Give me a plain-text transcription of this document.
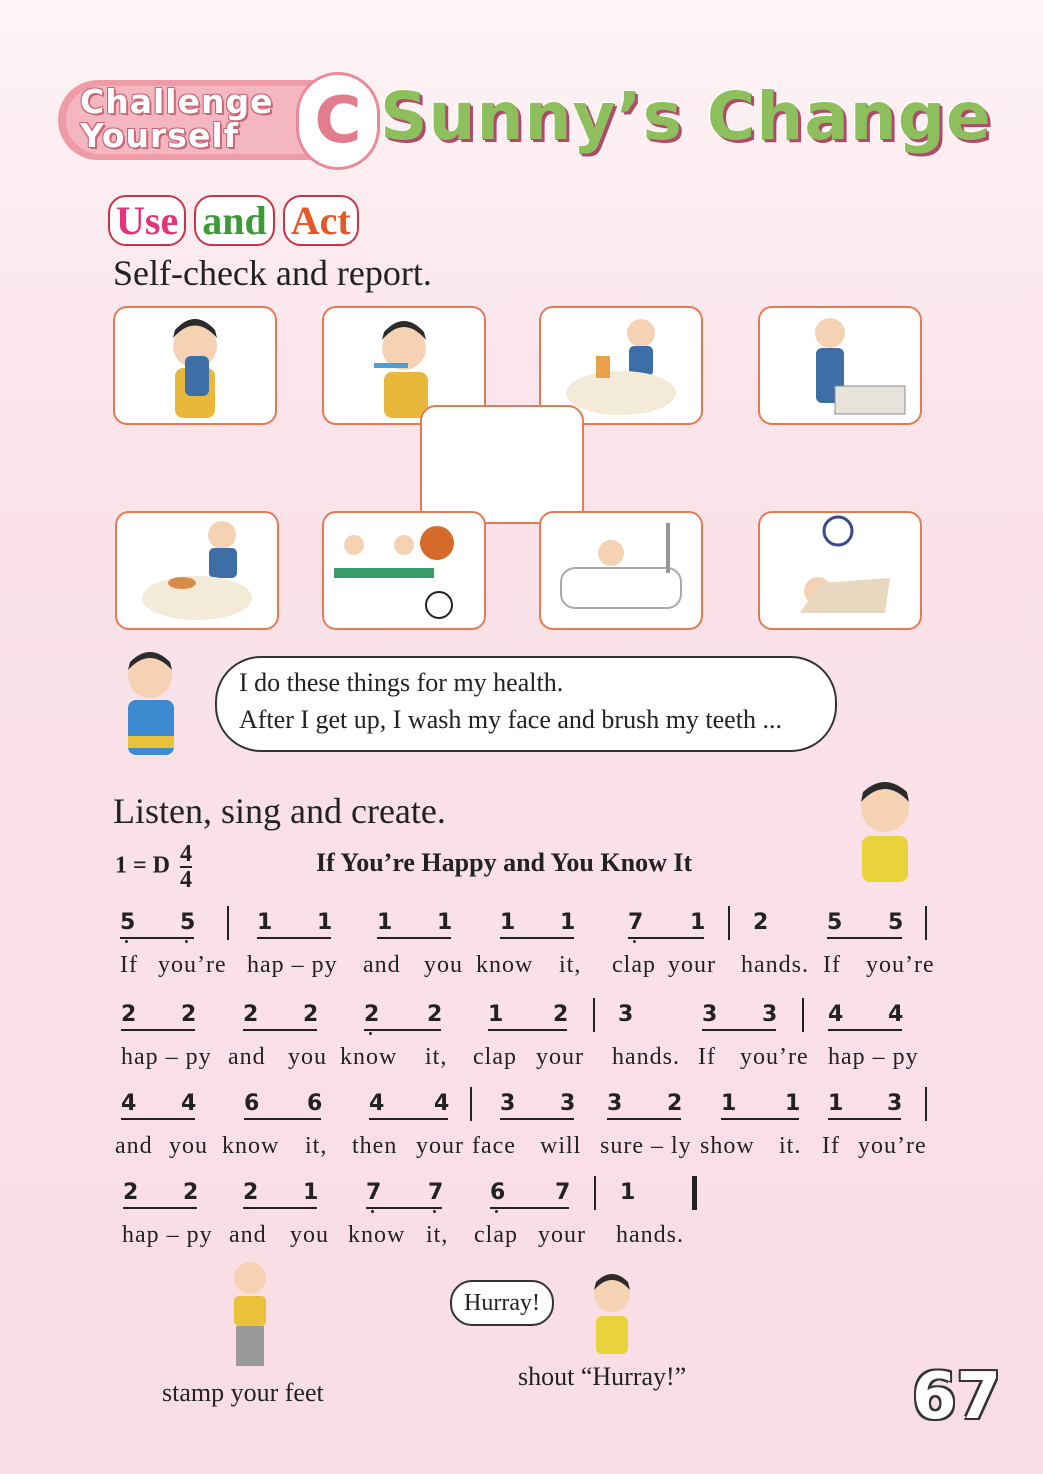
Challenge Yourself	C Sunny’s Change
Use and Act
Self-check and report.
I do these things for my health.
After I get up, I wash my face and brush my teeth ...
Listen, sing and create.
1 = D $\frac{4}{4}$	If You’re Happy and You Know It
stamp your feet
Hurray!
shout “Hurray!”	67
5 5	1 1 1 1 1 1 7 1 2	5 5
If you’re hap – py and you know it, clap your hands. If you’re
2 2 2 2 2 2 1 2 3	3 3 4 4
hap – py and you know it, clap your hands. If you’re hap – py
4 4 6 6 4 4 3 3 3 2 1 1 1 3
and you know it, then your face will sure – ly show it. If you’re
2 2 2 1 7 7 6 7 1
hap – py and you know it, clap your hands.
